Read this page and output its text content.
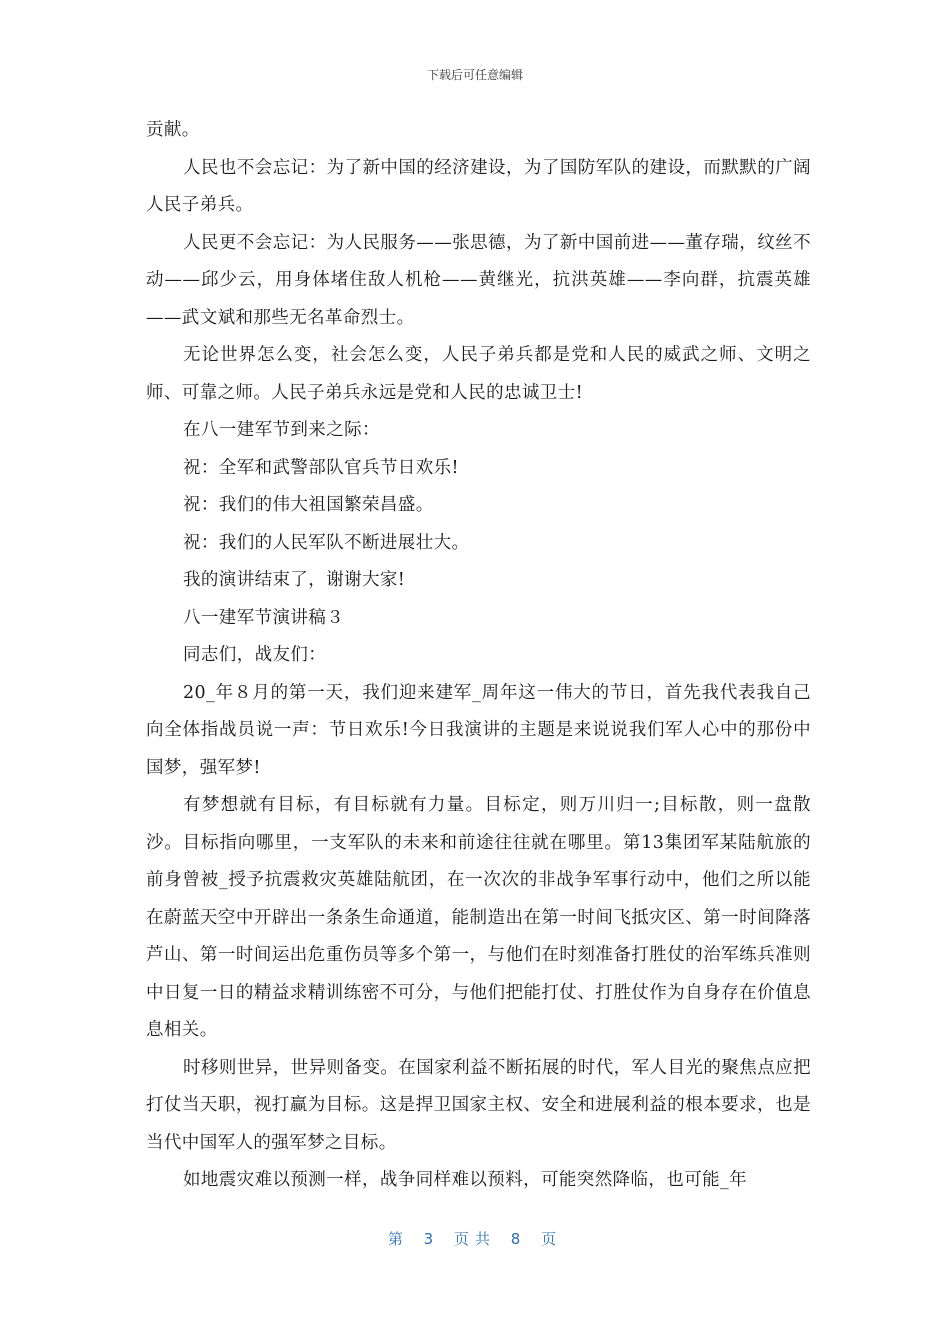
下载后可任意编辑

贡献。

人民也不会忘记：为了新中国的经济建设，为了国防军队的建设，而默默的广阔人民子弟兵。

人民更不会忘记：为人民服务——张思德，为了新中国前进——董存瑞，纹丝不动——邱少云，用身体堵住敌人机枪——黄继光，抗洪英雄——李向群，抗震英雄——武文斌和那些无名革命烈士。

无论世界怎么变，社会怎么变，人民子弟兵都是党和人民的威武之师、文明之师、可靠之师。人民子弟兵永远是党和人民的忠诚卫士!

在八一建军节到来之际：

祝：全军和武警部队官兵节日欢乐!

祝：我们的伟大祖国繁荣昌盛。

祝：我们的人民军队不断进展壮大。

我的演讲结束了，谢谢大家!

八一建军节演讲稿３

同志们，战友们：

20_年８月的第一天，我们迎来建军_周年这一伟大的节日，首先我代表我自己向全体指战员说一声：节日欢乐!今日我演讲的主题是来说说我们军人心中的那份中国梦，强军梦!

有梦想就有目标，有目标就有力量。目标定，则万川归一;目标散，则一盘散沙。目标指向哪里，一支军队的未来和前途往往就在哪里。第13集团军某陆航旅的前身曾被_授予抗震救灾英雄陆航团，在一次次的非战争军事行动中，他们之所以能在蔚蓝天空中开辟出一条条生命通道，能制造出在第一时间飞抵灾区、第一时间降落芦山、第一时间运出危重伤员等多个第一，与他们在时刻准备打胜仗的治军练兵准则中日复一日的精益求精训练密不可分，与他们把能打仗、打胜仗作为自身存在价值息息相关。

时移则世异，世异则备变。在国家利益不断拓展的时代，军人目光的聚焦点应把打仗当天职，视打赢为目标。这是捍卫国家主权、安全和进展利益的根本要求，也是当代中国军人的强军梦之目标。

如地震灾难以预测一样，战争同样难以预料，可能突然降临，也可能_年

第 3 页共 8 页
